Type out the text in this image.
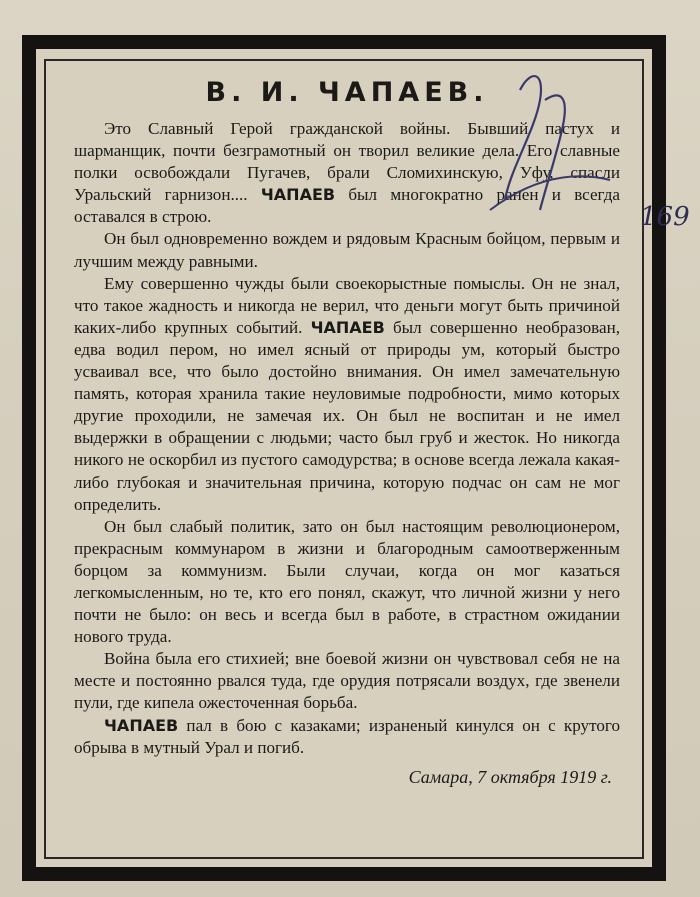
В. И. ЧАПАЕВ.

Это Славный Герой гражданской войны. Бывший пастух и шарманщик, почти безграмотный он творил великие дела. Его славные полки освобождали Пугачев, брали Сломихинскую, Уфу, спасли Уральский гарнизон.... ЧАПАЕВ был многократно ранен и всегда оставался в строю.

Он был одновременно вождем и рядовым Красным бойцом, первым и лучшим между равными.

Ему совершенно чужды были своекорыстные помыслы. Он не знал, что такое жадность и никогда не верил, что деньги могут быть причиной каких-либо крупных событий. ЧАПАЕВ был совершенно необразован, едва водил пером, но имел ясный от природы ум, который быстро усваивал все, что было достойно внимания. Он имел замечательную память, которая хранила такие неуловимые подробности, мимо которых другие проходили, не замечая их. Он был не воспитан и не имел выдержки в обращении с людьми; часто был груб и жесток. Но никогда никого не оскорбил из пустого самодурства; в основе всегда лежала какая-либо глубокая и значительная причина, которую подчас он сам не мог определить.

Он был слабый политик, зато он был настоящим революционером, прекрасным коммунаром в жизни и благородным самоотверженным борцом за коммунизм. Были случаи, когда он мог казаться легкомысленным, но те, кто его понял, скажут, что личной жизни у него почти не было: он весь и всегда был в работе, в страстном ожидании нового труда.

Война была его стихией; вне боевой жизни он чувствовал себя не на месте и постоянно рвался туда, где орудия потрясали воздух, где звенели пули, где кипела ожесточенная борьба.

ЧАПАЕВ пал в бою с казаками; израненый кинулся он с крутого обрыва в мутный Урал и погиб.

Самара, 7 октября 1919 г.
169
